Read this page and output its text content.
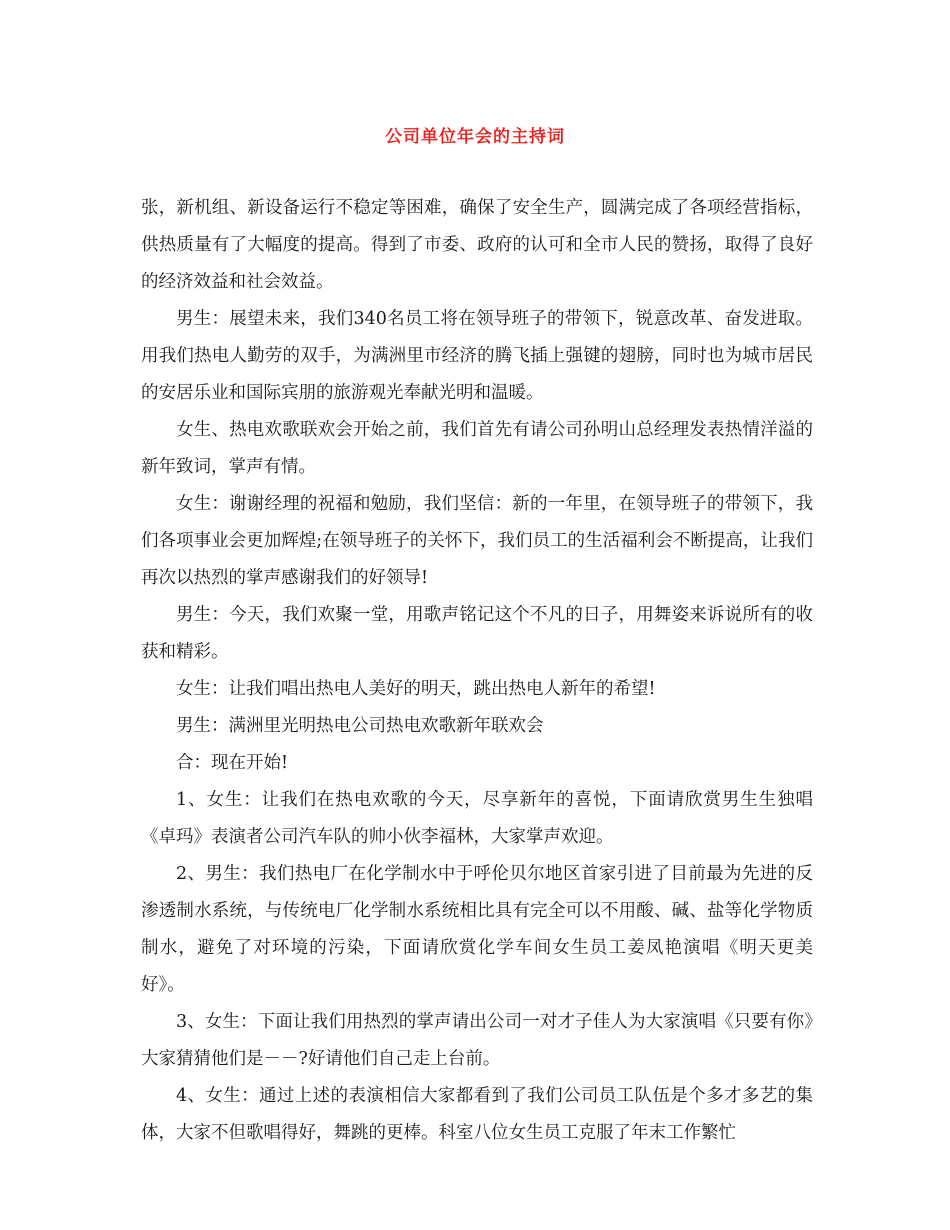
公司单位年会的主持词

张，新机组、新设备运行不稳定等困难，确保了安全生产，圆满完成了各项经营指标，供热质量有了大幅度的提高。得到了市委、政府的认可和全市人民的赞扬，取得了良好的经济效益和社会效益。

男生：展望未来，我们340名员工将在领导班子的带领下，锐意改革、奋发进取。用我们热电人勤劳的双手，为满洲里市经济的腾飞插上强键的翅膀，同时也为城市居民的安居乐业和国际宾朋的旅游观光奉献光明和温暖。

女生、热电欢歌联欢会开始之前，我们首先有请公司孙明山总经理发表热情洋溢的新年致词，掌声有情。

女生：谢谢经理的祝福和勉励，我们坚信：新的一年里，在领导班子的带领下，我们各项事业会更加辉煌;在领导班子的关怀下，我们员工的生活福利会不断提高，让我们再次以热烈的掌声感谢我们的好领导!

男生：今天，我们欢聚一堂，用歌声铭记这个不凡的日子，用舞姿来诉说所有的收获和精彩。

女生：让我们唱出热电人美好的明天，跳出热电人新年的希望!

男生：满洲里光明热电公司热电欢歌新年联欢会

合：现在开始!

1、女生：让我们在热电欢歌的今天，尽享新年的喜悦，下面请欣赏男生生独唱《卓玛》表演者公司汽车队的帅小伙李福林，大家掌声欢迎。

2、男生：我们热电厂在化学制水中于呼伦贝尔地区首家引进了目前最为先进的反渗透制水系统，与传统电厂化学制水系统相比具有完全可以不用酸、碱、盐等化学物质制水，避免了对环境的污染，下面请欣赏化学车间女生员工姜凤艳演唱《明天更美好》。

3、女生：下面让我们用热烈的掌声请出公司一对才子佳人为大家演唱《只要有你》大家猜猜他们是－－?好请他们自己走上台前。

4、女生：通过上述的表演相信大家都看到了我们公司员工队伍是个多才多艺的集体，大家不但歌唱得好，舞跳的更棒。科室八位女生员工克服了年末工作繁忙
